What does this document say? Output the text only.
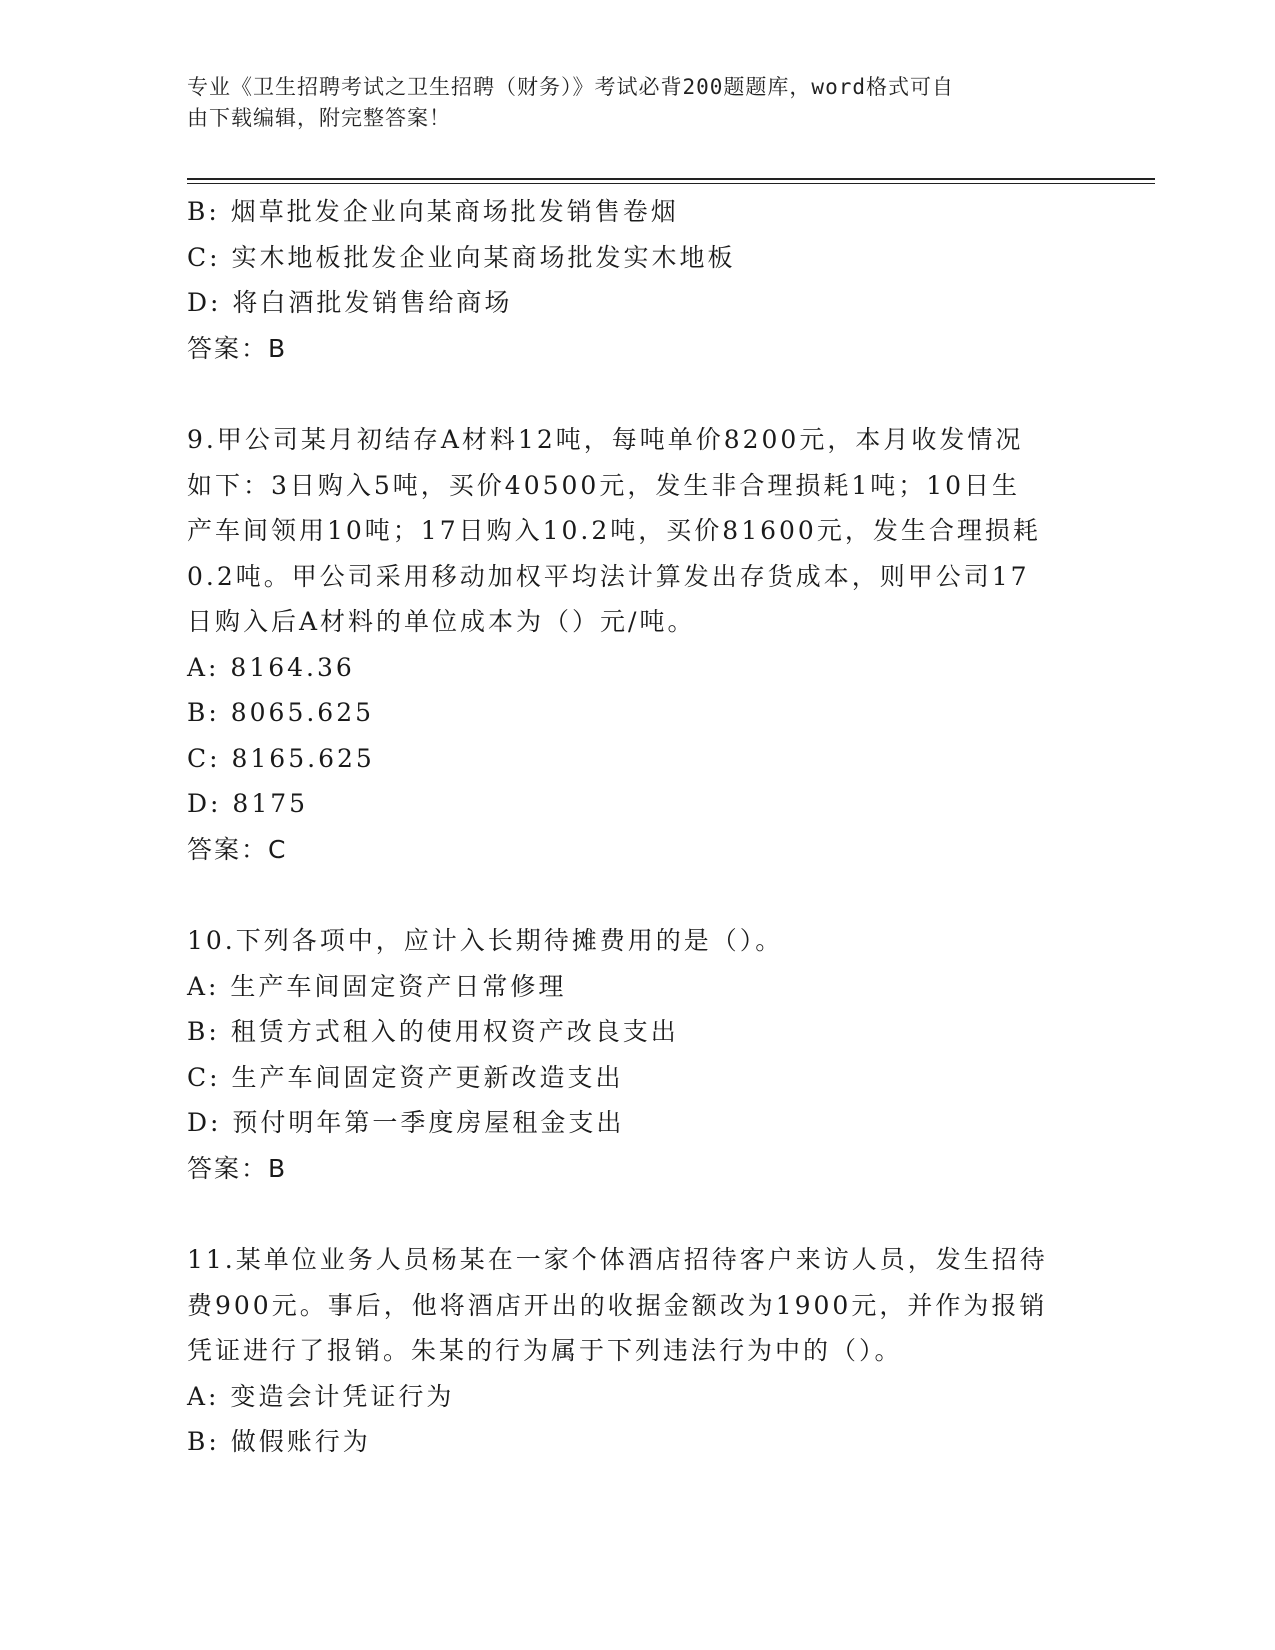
专业《卫生招聘考试之卫生招聘（财务）》考试必背200题题库，word格式可自
由下载编辑，附完整答案！
B: 烟草批发企业向某商场批发销售卷烟
C: 实木地板批发企业向某商场批发实木地板
D: 将白酒批发销售给商场
答案：B
9.甲公司某月初结存A材料12吨，每吨单价8200元，本月收发情况
如下：3日购入5吨，买价40500元，发生非合理损耗1吨；10日生
产车间领用10吨；17日购入10.2吨，买价81600元，发生合理损耗
0.2吨。甲公司采用移动加权平均法计算发出存货成本，则甲公司17
日购入后A材料的单位成本为（）元/吨。
A: 8164.36
B: 8065.625
C: 8165.625
D: 8175
答案：C
10.下列各项中，应计入长期待摊费用的是（）。
A: 生产车间固定资产日常修理
B: 租赁方式租入的使用权资产改良支出
C: 生产车间固定资产更新改造支出
D: 预付明年第一季度房屋租金支出
答案：B
11.某单位业务人员杨某在一家个体酒店招待客户来访人员，发生招待
费900元。事后，他将酒店开出的收据金额改为1900元，并作为报销
凭证进行了报销。朱某的行为属于下列违法行为中的（）。
A: 变造会计凭证行为
B: 做假账行为
